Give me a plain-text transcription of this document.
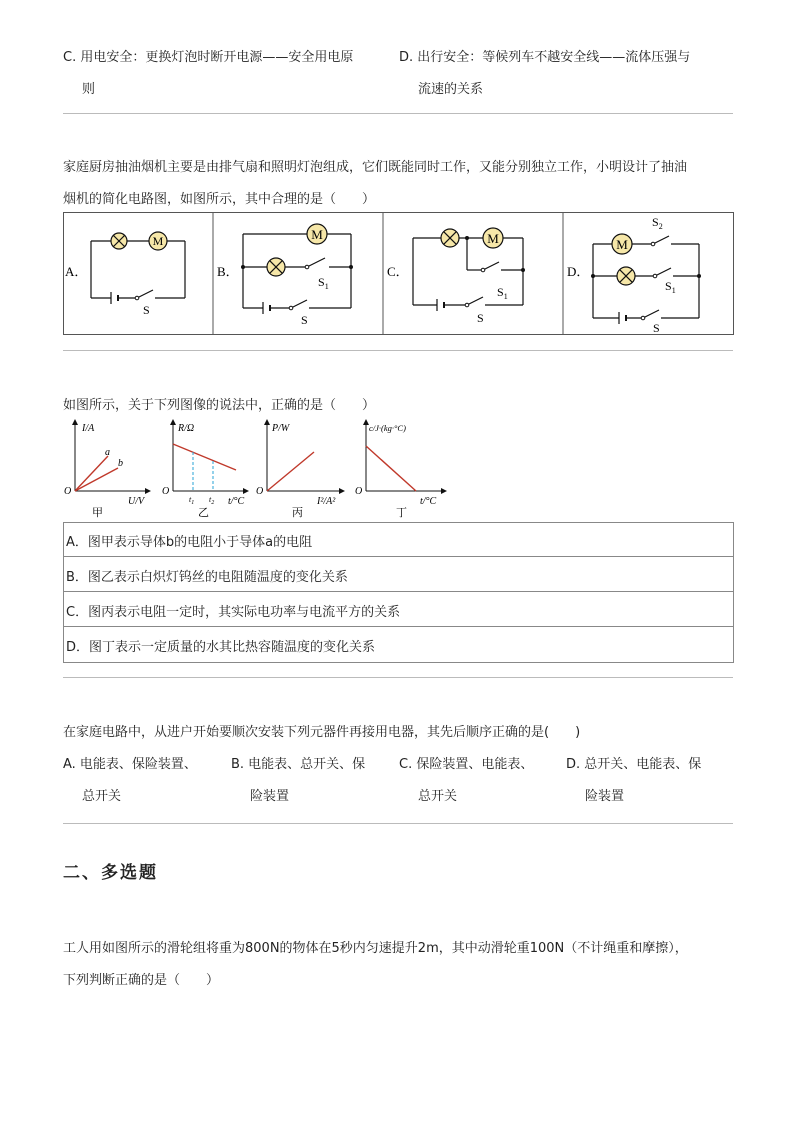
C. 用电安全：更换灯泡时断开电源——安全用电原
则
D. 出行安全：等候列车不越安全线——流体压强与
流速的关系
家庭厨房抽油烟机主要是由排气扇和照明灯泡组成，它们既能同时工作，又能分别独立工作，小明设计了抽油
烟机的简化电路图，如图所示，其中合理的是（　　）
A．	B．	C．	D．
M
S
M
$S_1$
S
M
$S_1$
S
M
$S_2$
$S_1$
S
如图所示，关于下列图像的说法中，正确的是（　　）
I/A
U/V
O
a
b
甲
R/Ω
t/°C
O
$t_1$ $t_2$
乙
P/W
I²/A²
O
丙
c/J·(kg·°C)
t/°C
O
丁
A．图甲表示导体b的电阻小于导体a的电阻
B．图乙表示白炽灯钨丝的电阻随温度的变化关系
C．图丙表示电阻一定时，其实际电功率与电流平方的关系
D．图丁表示一定质量的水其比热容随温度的变化关系
在家庭电路中，从进户开始要顺次安装下列元器件再接用电器，其先后顺序正确的是(　　)
A. 电能表、保险装置、
总开关
B. 电能表、总开关、保
险装置
C. 保险装置、电能表、
总开关
D. 总开关、电能表、保
险装置
二、多选题
工人用如图所示的滑轮组将重为800N的物体在5秒内匀速提升2m，其中动滑轮重100N（不计绳重和摩擦），
下列判断正确的是（　　）
